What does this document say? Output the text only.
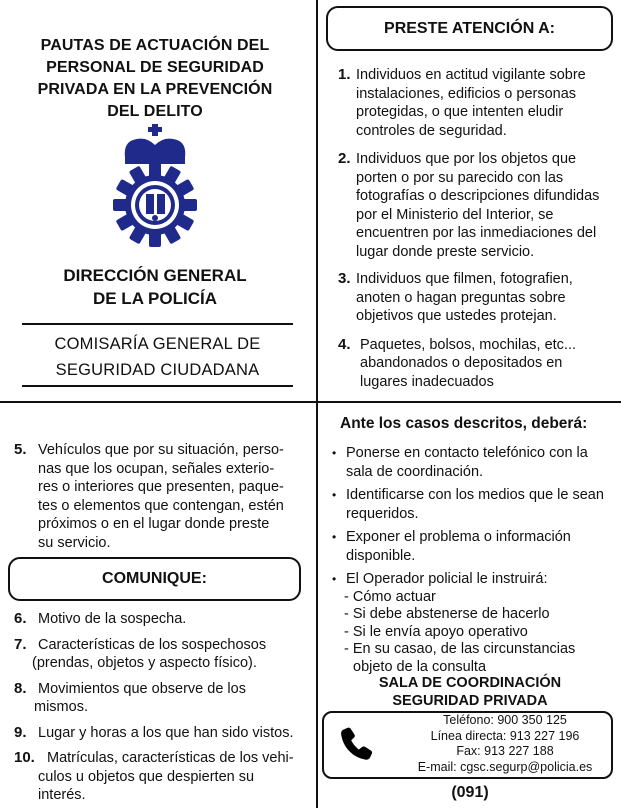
PAUTAS DE ACTUACIÓN DEL
PERSONAL DE SEGURIDAD
PRIVADA EN LA PREVENCIÓN
DEL DELITO
DIRECCIÓN GENERAL
DE LA POLICÍA
COMISARÍA GENERAL DE
SEGURIDAD CIUDADANA
PRESTE ATENCIÓN A:
1. Individuos en actitud vigilante sobre
instalaciones, edificios o personas
protegidas, o que intenten eludir
controles de seguridad.
2. Individuos que por los objetos que
porten o por su parecido con las
fotografías o descripciones difundidas
por el Ministerio del Interior, se
encuentren por las inmediaciones del
lugar donde preste servicio.
3. Individuos que filmen, fotografien,
anoten o hagan preguntas sobre
objetivos que ustedes protejan.
4. Paquetes, bolsos, mochilas, etc...
abandonados o depositados en
lugares inadecuados
5. Vehículos que por su situación, perso-
nas que los ocupan, señales exterio-
res o interiores que presenten, paque-
tes o elementos que contengan, estén
próximos o en el lugar donde preste
su servicio.
COMUNIQUE:
6. Motivo de la sospecha.
7. Características de los sospechosos
(prendas, objetos y aspecto físico).
8. Movimientos que observe de los
mismos.
9. Lugar y horas a los que han sido vistos.
10. Matrículas, características de los vehi-
culos u objetos que despierten su
interés.
Ante los casos descritos, deberá:
• Ponerse en contacto telefónico con la
sala de coordinación.
• Identificarse con los medios que le sean
requeridos.
• Exponer el problema o información
disponible.
• El Operador policial le instruirá:
- Cómo actuar
- Si debe abstenerse de hacerlo
- Si le envía apoyo operativo
- En su casao, de las circunstancias
objeto de la consulta
SALA DE COORDINACIÓN
SEGURIDAD PRIVADA
Teléfono: 900 350 125
Línea directa: 913 227 196
Fax: 913 227 188
E-mail: cgsc.segurp@policia.es
(091)
